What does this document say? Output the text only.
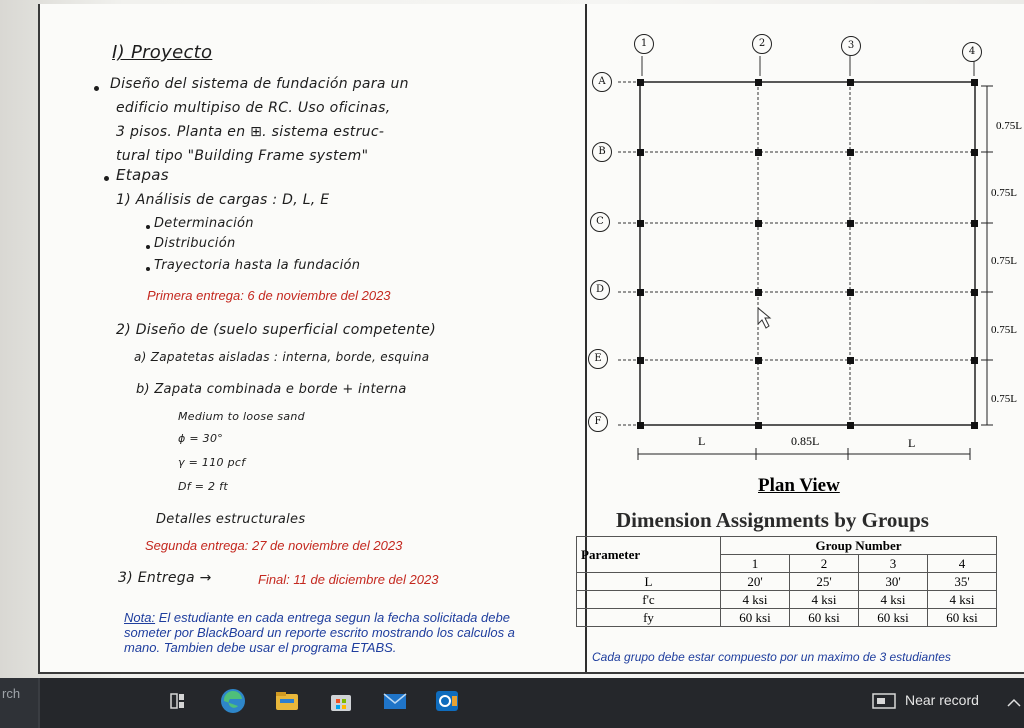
I) Proyecto
Diseño del sistema de fundación para un
edificio multipiso de RC. Uso oficinas,
3 pisos. Planta en ⊞. sistema estruc-
tural tipo "Building Frame system"
Etapas
1) Análisis de cargas : D, L, E
Determinación
Distribución
Trayectoria hasta la fundación
Primera entrega: 6 de noviembre del 2023
2) Diseño de (suelo superficial competente)
a) Zapatetas aisladas : interna, borde, esquina
b) Zapata combinada e borde + interna
Medium to loose sand
ϕ = 30°
γ = 110 pcf
Df = 2 ft
Detalles estructurales
Segunda entrega: 27 de noviembre del 2023
3) Entrega →	Final: 11 de diciembre del 2023
Nota: El estudiante en cada entrega segun la fecha solicitada debe someter por BlackBoard un reporte escrito mostrando los calculos a mano. Tambien debe usar el programa ETABS.
1	2	3
4
A
B
C
D
E
F
0.75L
0.75L
0.75L
0.75L
0.75L
L	0.85L	L
Plan View
Dimension Assignments by Groups
Parameter	Group Number			
	1	2	3	4
L	20'	25'	30'	35'
f'c	4 ksi	4 ksi	4 ksi	4 ksi
fy	60 ksi	60 ksi	60 ksi	60 ksi
Cada grupo debe estar compuesto por un maximo de 3 estudiantes
rch	Near record
